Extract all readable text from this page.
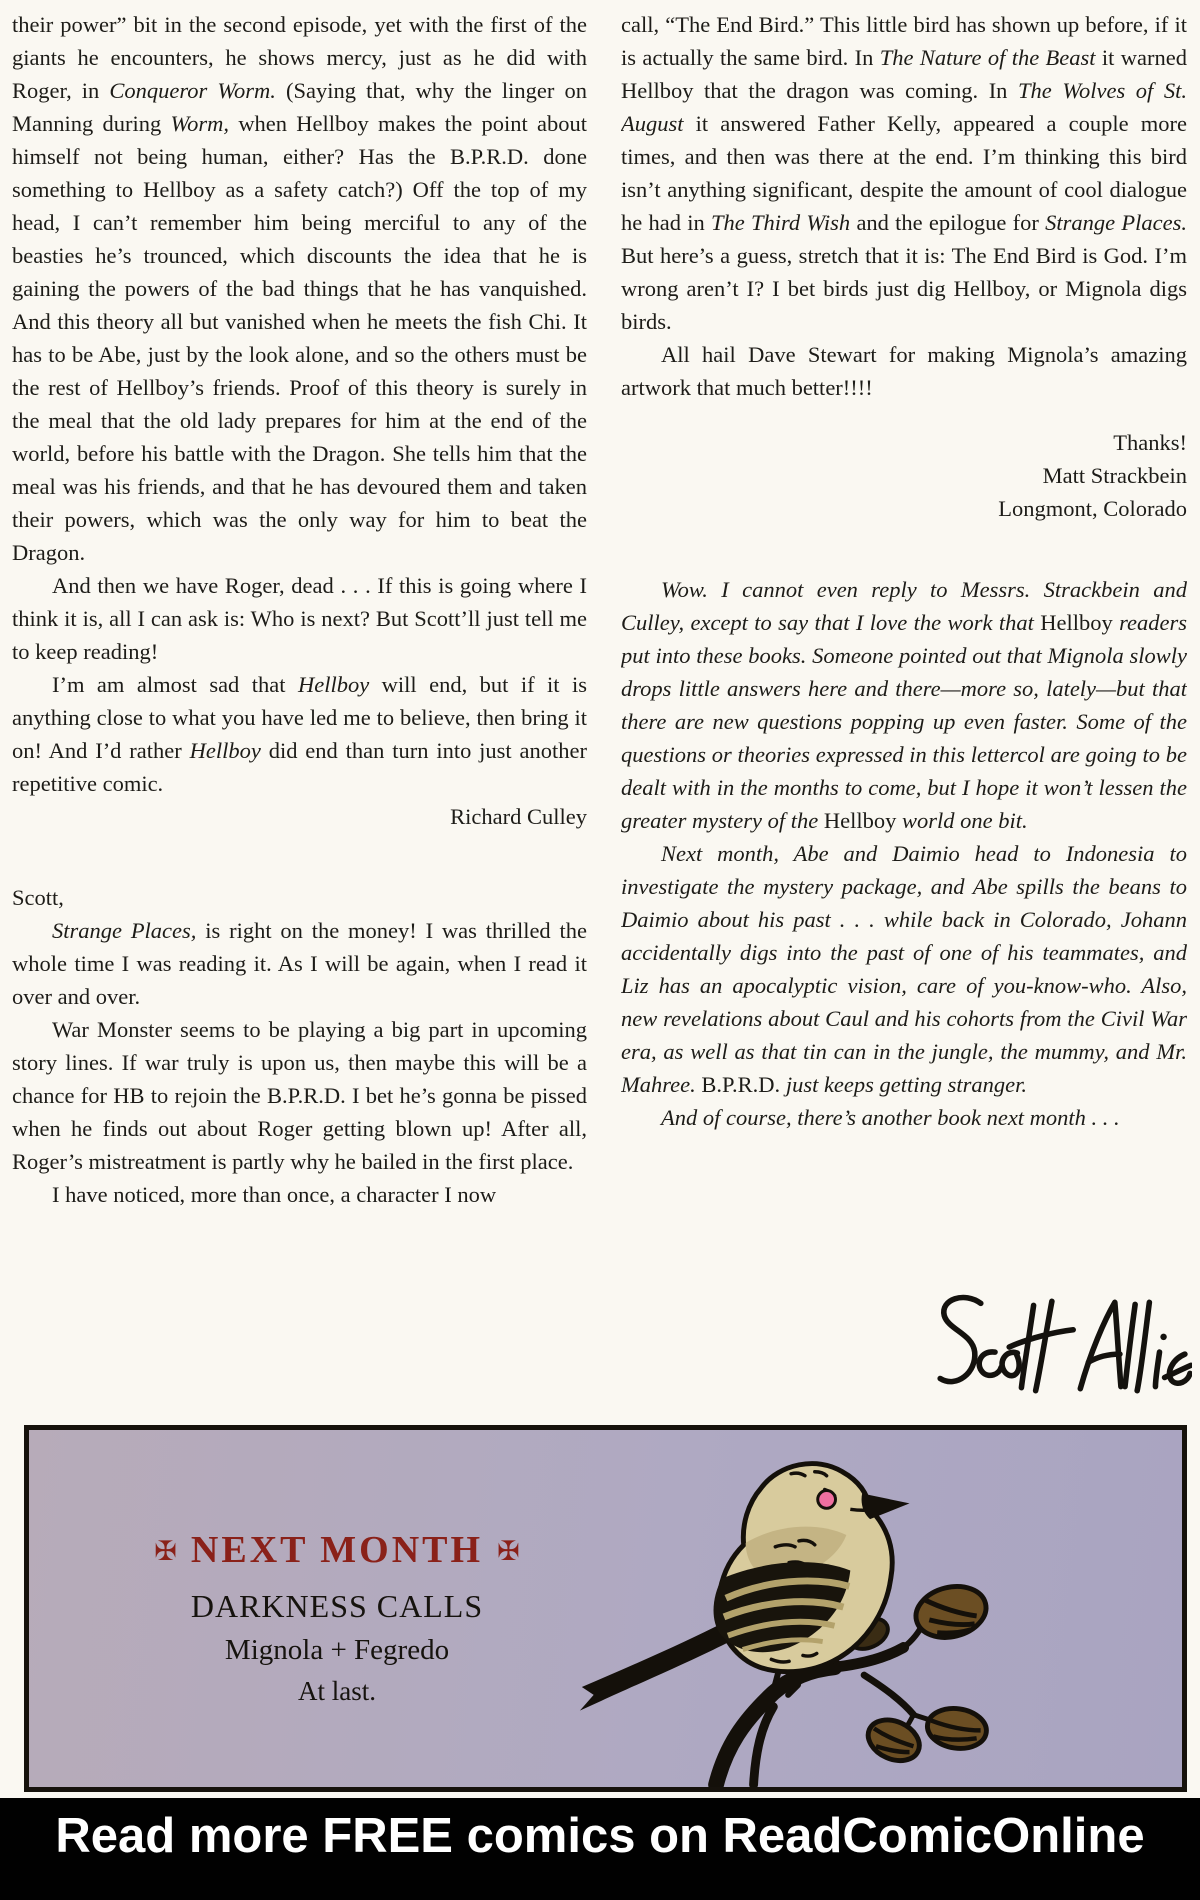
their power” bit in the second episode, yet with the first of the giants he encounters, he shows mercy, just as he did with Roger, in Conqueror Worm. (Saying that, why the linger on Manning during Worm, when Hellboy makes the point about himself not being human, either? Has the B.P.R.D. done something to Hellboy as a safety catch?) Off the top of my head, I can’t remember him being merciful to any of the beasties he’s trounced, which discounts the idea that he is gaining the powers of the bad things that he has vanquished. And this theory all but vanished when he meets the fish Chi. It has to be Abe, just by the look alone, and so the others must be the rest of Hellboy’s friends. Proof of this theory is surely in the meal that the old lady prepares for him at the end of the world, before his battle with the Dragon. She tells him that the meal was his friends, and that he has devoured them and taken their powers, which was the only way for him to beat the Dragon.

And then we have Roger, dead . . . If this is going where I think it is, all I can ask is: Who is next? But Scott’ll just tell me to keep reading!

I’m am almost sad that Hellboy will end, but if it is anything close to what you have led me to believe, then bring it on! And I’d rather Hellboy did end than turn into just another repetitive comic.

Richard Culley

Scott,

Strange Places, is right on the money! I was thrilled the whole time I was reading it. As I will be again, when I read it over and over.

War Monster seems to be playing a big part in upcoming story lines. If war truly is upon us, then maybe this will be a chance for HB to rejoin the B.P.R.D. I bet he’s gonna be pissed when he finds out about Roger getting blown up! After all, Roger’s mistreatment is partly why he bailed in the first place.

I have noticed, more than once, a character I now

call, “The End Bird.” This little bird has shown up before, if it is actually the same bird. In The Nature of the Beast it warned Hellboy that the dragon was coming. In The Wolves of St. August it answered Father Kelly, appeared a couple more times, and then was there at the end. I’m thinking this bird isn’t anything significant, despite the amount of cool dialogue he had in The Third Wish and the epilogue for Strange Places. But here’s a guess, stretch that it is: The End Bird is God. I’m wrong aren’t I? I bet birds just dig Hellboy, or Mignola digs birds.

All hail Dave Stewart for making Mignola’s amazing artwork that much better!!!!

Thanks!

Matt Strackbein

Longmont, Colorado

Wow. I cannot even reply to Messrs. Strackbein and Culley, except to say that I love the work that Hellboy readers put into these books. Someone pointed out that Mignola slowly drops little answers here and there—more so, lately—but that there are new questions popping up even faster. Some of the questions or theories expressed in this lettercol are going to be dealt with in the months to come, but I hope it won’t lessen the greater mystery of the Hellboy world one bit.

Next month, Abe and Daimio head to Indonesia to investigate the mystery package, and Abe spills the beans to Daimio about his past . . . while back in Colorado, Johann accidentally digs into the past of one of his teammates, and Liz has an apocalyptic vision, care of you-know-who. Also, new revelations about Caul and his cohorts from the Civil War era, as well as that tin can in the jungle, the mummy, and Mr. Mahree. B.P.R.D. just keeps getting stranger.

And of course, there’s another book next month . . .

✠ NEXT MONTH ✠
DARKNESS CALLS
Mignola + Fegredo
At last.
Read more FREE comics on ReadComicOnline
